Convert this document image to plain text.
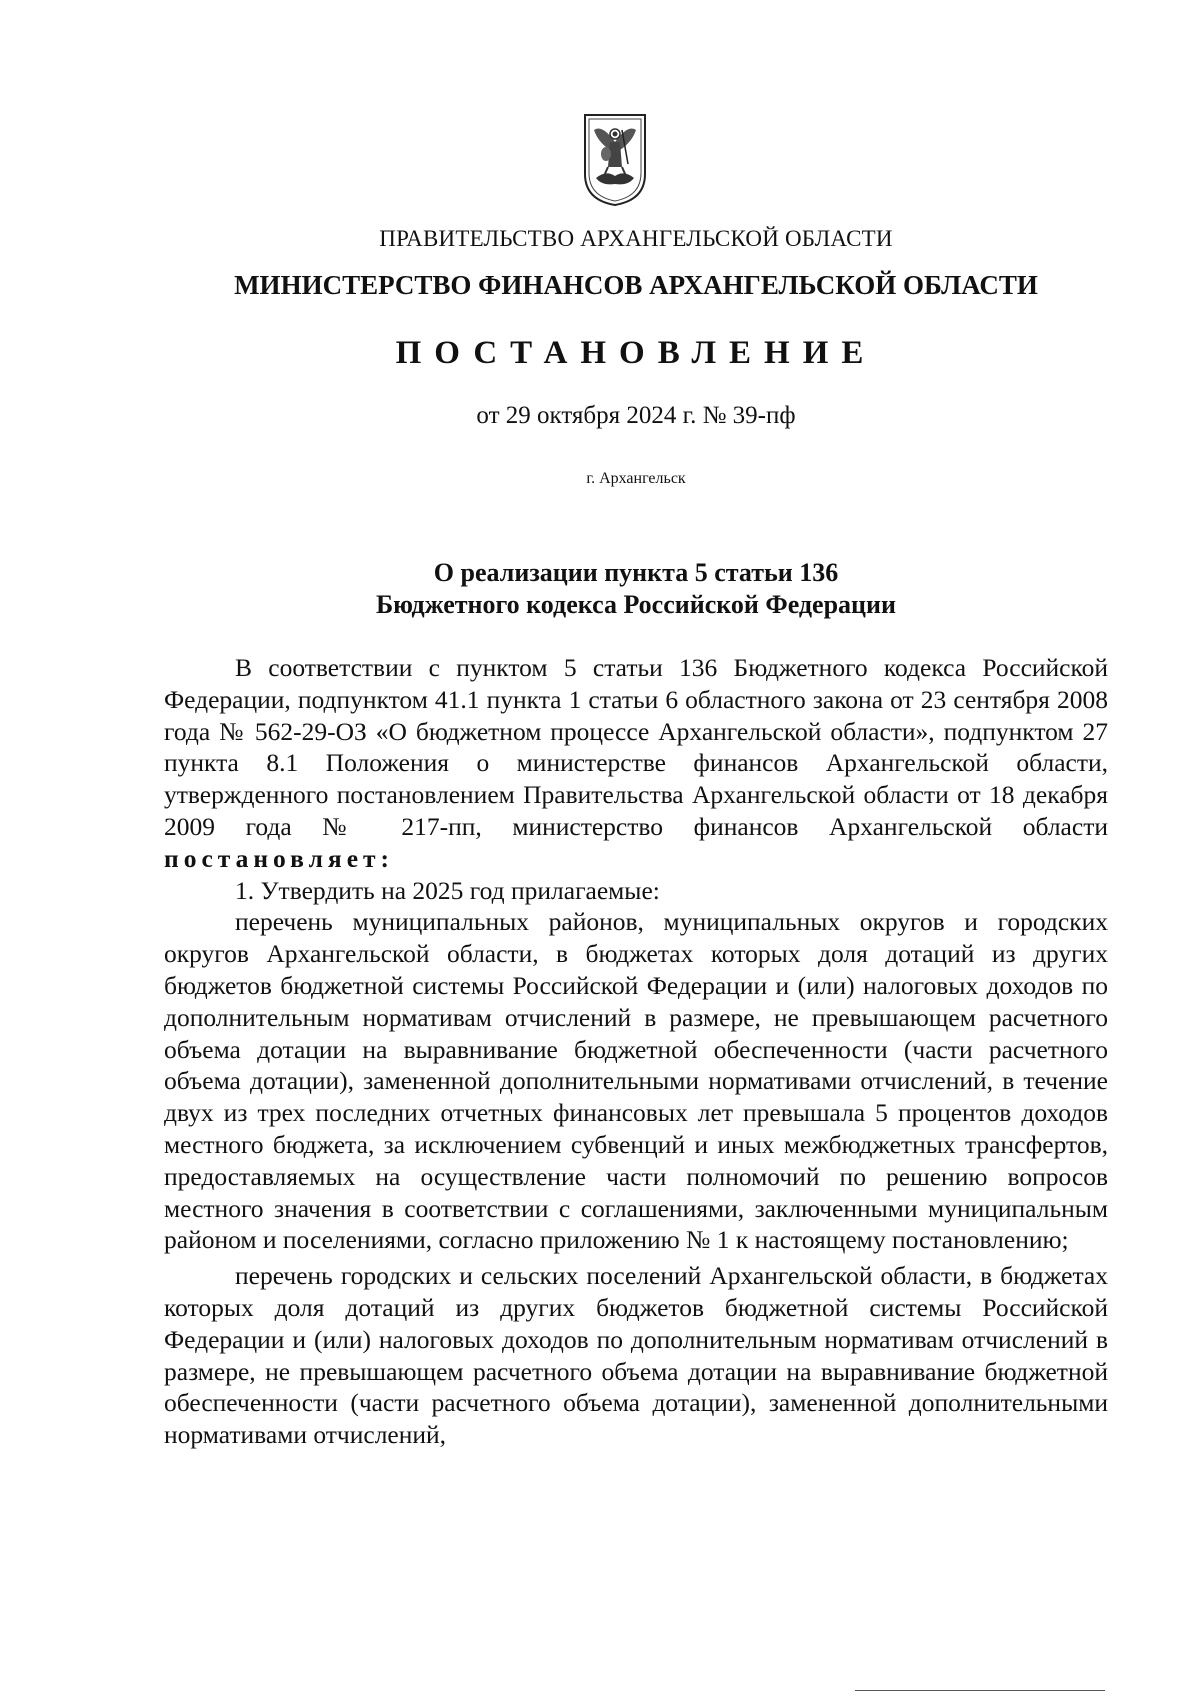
ПРАВИТЕЛЬСТВО АРХАНГЕЛЬСКОЙ ОБЛАСТИ
МИНИСТЕРСТВО ФИНАНСОВ АРХАНГЕЛЬСКОЙ ОБЛАСТИ
ПОСТАНОВЛЕНИЕ
от 29 октября 2024 г. № 39-пф
г. Архангельск
О реализации пункта 5 статьи 136
Бюджетного кодекса Российской Федерации

В соответствии с пунктом 5 статьи 136 Бюджетного кодекса Российской Федерации, подпунктом 41.1 пункта 1 статьи 6 областного закона от 23 сентября 2008 года № 562-29-ОЗ «О бюджетном процессе Архангельской области», подпунктом 27 пункта 8.1 Положения о министерстве финансов Архангельской области, утвержденного постановлением Правительства Архангельской области от 18 декабря 2009 года № 217-пп, министерство финансов Архангельской области постановляет:

1. Утвердить на 2025 год прилагаемые:

перечень муниципальных районов, муниципальных округов и городских округов Архангельской области, в бюджетах которых доля дотаций из других бюджетов бюджетной системы Российской Федерации и (или) налоговых доходов по дополнительным нормативам отчислений в размере, не превышающем расчетного объема дотации на выравнивание бюджетной обеспеченности (части расчетного объема дотации), замененной дополнительными нормативами отчислений, в течение двух из трех последних отчетных финансовых лет превышала 5 процентов доходов местного бюджета, за исключением субвенций и иных межбюджетных трансфертов, предоставляемых на осуществление части полномочий по решению вопросов местного значения в соответствии с соглашениями, заключенными муниципальным районом и поселениями, согласно приложению № 1 к настоящему постановлению;

перечень городских и сельских поселений Архангельской области, в бюджетах которых доля дотаций из других бюджетов бюджетной системы Российской Федерации и (или) налоговых доходов по дополнительным нормативам отчислений в размере, не превышающем расчетного объема дотации на выравнивание бюджетной обеспеченности (части расчетного объема дотации), замененной дополнительными нормативами отчислений,
